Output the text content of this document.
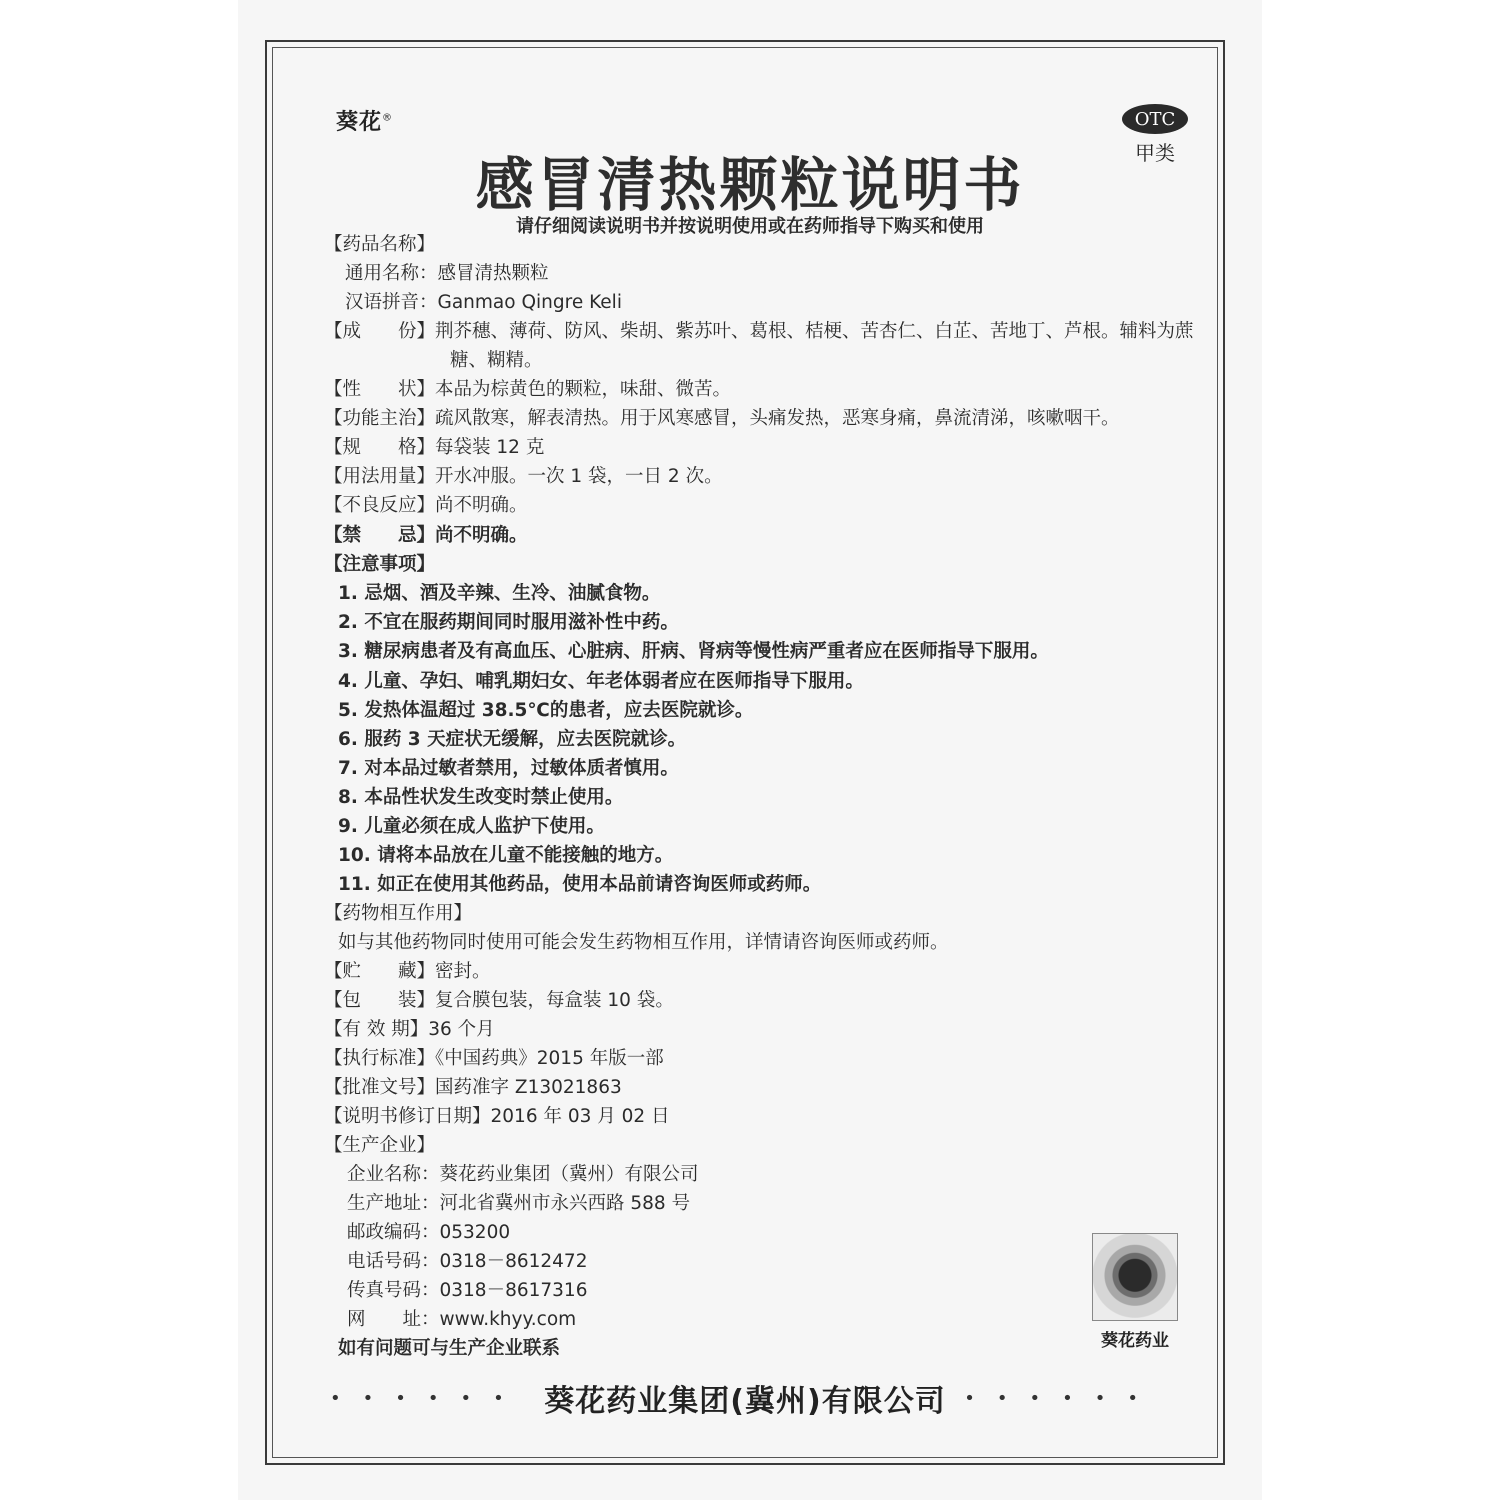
葵花®	OTC
甲类
感冒清热颗粒说明书
请仔细阅读说明书并按说明使用或在药师指导下购买和使用
【药品名称】
通用名称：感冒清热颗粒
汉语拼音：Ganmao Qingre Keli
【成　　份】荆芥穗、薄荷、防风、柴胡、紫苏叶、葛根、桔梗、苦杏仁、白芷、苦地丁、芦根。辅料为蔗
糖、糊精。
【性　　状】本品为棕黄色的颗粒，味甜、微苦。
【功能主治】疏风散寒，解表清热。用于风寒感冒，头痛发热，恶寒身痛，鼻流清涕，咳嗽咽干。
【规　　格】每袋装 12 克
【用法用量】开水冲服。一次 1 袋，一日 2 次。
【不良反应】尚不明确。
【禁　　忌】尚不明确。
【注意事项】
1. 忌烟、酒及辛辣、生冷、油腻食物。
2. 不宜在服药期间同时服用滋补性中药。
3. 糖尿病患者及有高血压、心脏病、肝病、肾病等慢性病严重者应在医师指导下服用。
4. 儿童、孕妇、哺乳期妇女、年老体弱者应在医师指导下服用。
5. 发热体温超过 38.5℃的患者，应去医院就诊。
6. 服药 3 天症状无缓解，应去医院就诊。
7. 对本品过敏者禁用，过敏体质者慎用。
8. 本品性状发生改变时禁止使用。
9. 儿童必须在成人监护下使用。
10. 请将本品放在儿童不能接触的地方。
11. 如正在使用其他药品，使用本品前请咨询医师或药师。
【药物相互作用】
如与其他药物同时使用可能会发生药物相互作用，详情请咨询医师或药师。
【贮　　藏】密封。
【包　　装】复合膜包装，每盒装 10 袋。
【有 效 期】36 个月
【执行标准】《中国药典》2015 年版一部
【批准文号】国药准字 Z13021863
【说明书修订日期】2016 年 03 月 02 日
【生产企业】
企业名称：葵花药业集团（冀州）有限公司
生产地址：河北省冀州市永兴西路 588 号
邮政编码：053200
电话号码：0318－8612472
传真号码：0318－8617316
网　　址：www.khyy.com
如有问题可与生产企业联系	葵花药业
•••••• 葵花药业集团(冀州)有限公司 ••••••
